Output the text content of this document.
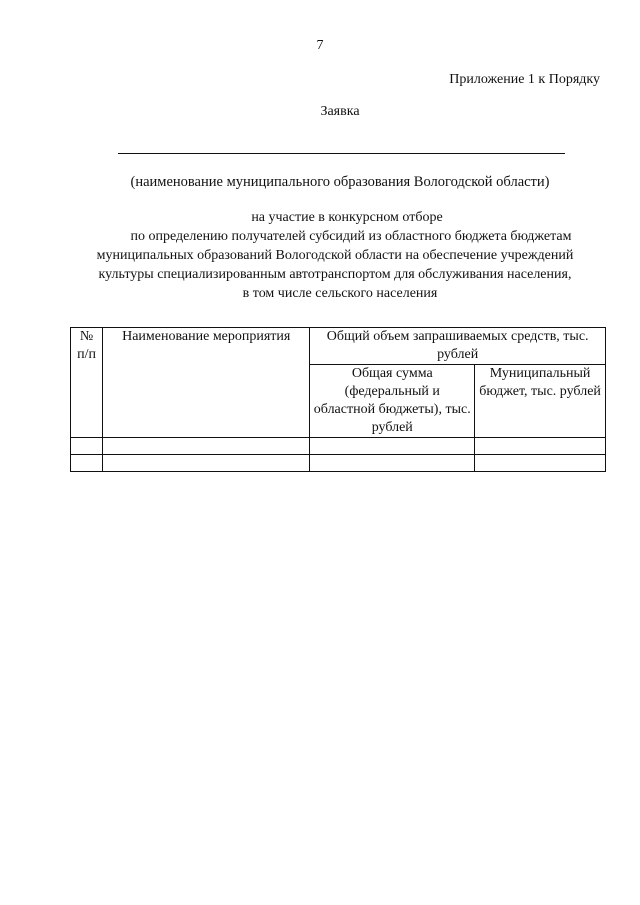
7
Приложение 1 к Порядку
Заявка
(наименование муниципального образования Вологодской области)
на участие в конкурсном отборе
по определению получателей субсидий из областного бюджета бюджетам
муниципальных образований Вологодской области на обеспечение учреждений
культуры специализированным автотранспортом для обслуживания населения,
в том числе сельского населения
№ п/п	Наименование мероприятия	Общий объем запрашиваемых средств, тыс. рублей	
		Общая сумма (федеральный и областной бюджеты), тыс. рублей	Муниципальный бюджет, тыс. рублей
